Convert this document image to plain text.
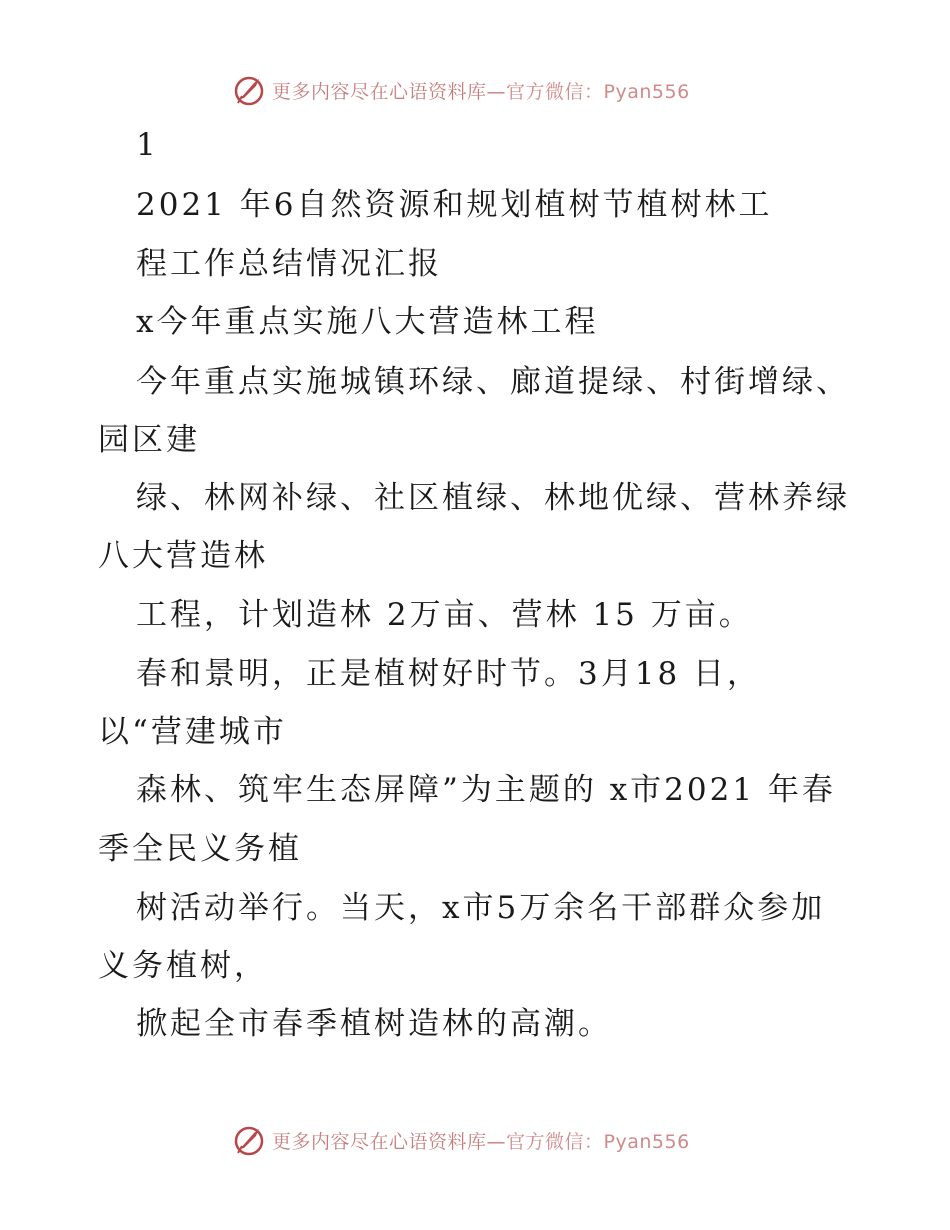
更多内容尽在心语资料库—官方微信：Pyan556
1
2021 年6自然资源和规划植树节植树林工
程工作总结情况汇报
x今年重点实施八大营造林工程
今年重点实施城镇环绿、廊道提绿、村街增绿、
园区建
绿、林网补绿、社区植绿、林地优绿、营林养绿
八大营造林
工程，计划造林 2万亩、营林 15 万亩。
春和景明，正是植树好时节。3月18 日，
以“营建城市
森林、筑牢生态屏障”为主题的 x市2021 年春
季全民义务植
树活动举行。当天，x市5万余名干部群众参加
义务植树，
掀起全市春季植树造林的高潮。
更多内容尽在心语资料库—官方微信：Pyan556
